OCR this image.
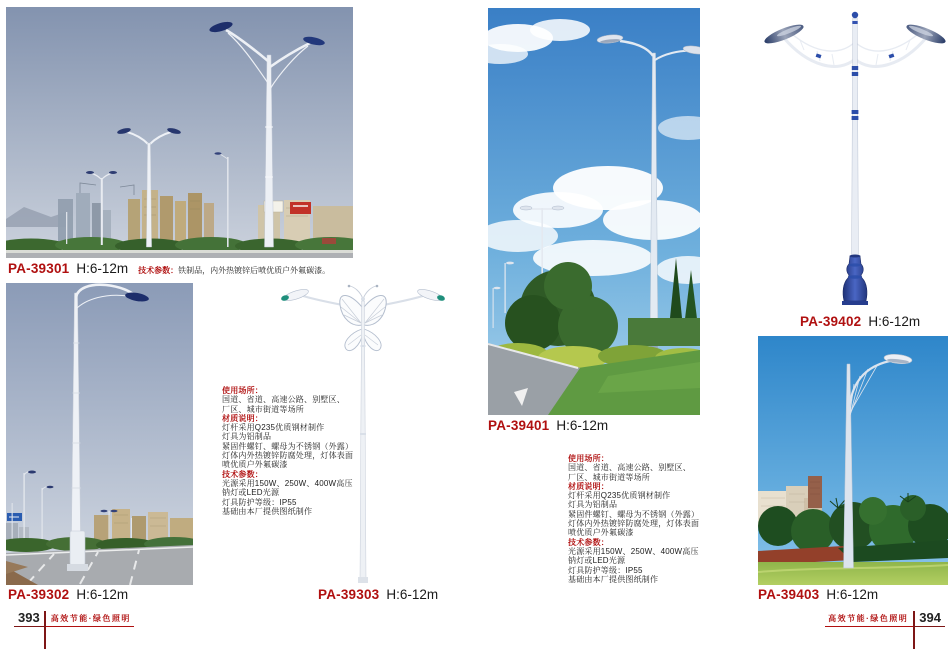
PA-39301 H:6-12m 技术参数：铁制品，内外热镀锌后喷优质户外氟碳漆。
PA-39302 H:6-12m
使用场所：
国道、省道、高速公路、别墅区、
厂区、城市街道等场所
材质说明：
灯杆采用Q235优质钢材制作
灯具为铝制品
紧固件螺钉、螺母为不锈钢（外露）
灯体内外热镀锌防腐处理，灯体表面
喷优质户外氟碳漆
技术参数：
光源采用150W、250W、400W高压
钠灯或LED光源
灯具防护等级：IP55
基础由本厂提供图纸制作
PA-39303 H:6-12m
PA-39401 H:6-12m
使用场所：
国道、省道、高速公路、别墅区、
厂区、城市街道等场所
材质说明：
灯杆采用Q235优质钢材制作
灯具为铝制品
紧固件螺钉、螺母为不锈钢（外露）
灯体内外热镀锌防腐处理，灯体表面
喷优质户外氟碳漆
技术参数：
光源采用150W、250W、400W高压
钠灯或LED光源
灯具防护等级：IP55
基础由本厂提供图纸制作
PA-39402 H:6-12m
PA-39403 H:6-12m
393	高效节能·绿色照明	高效节能·绿色照明 394
